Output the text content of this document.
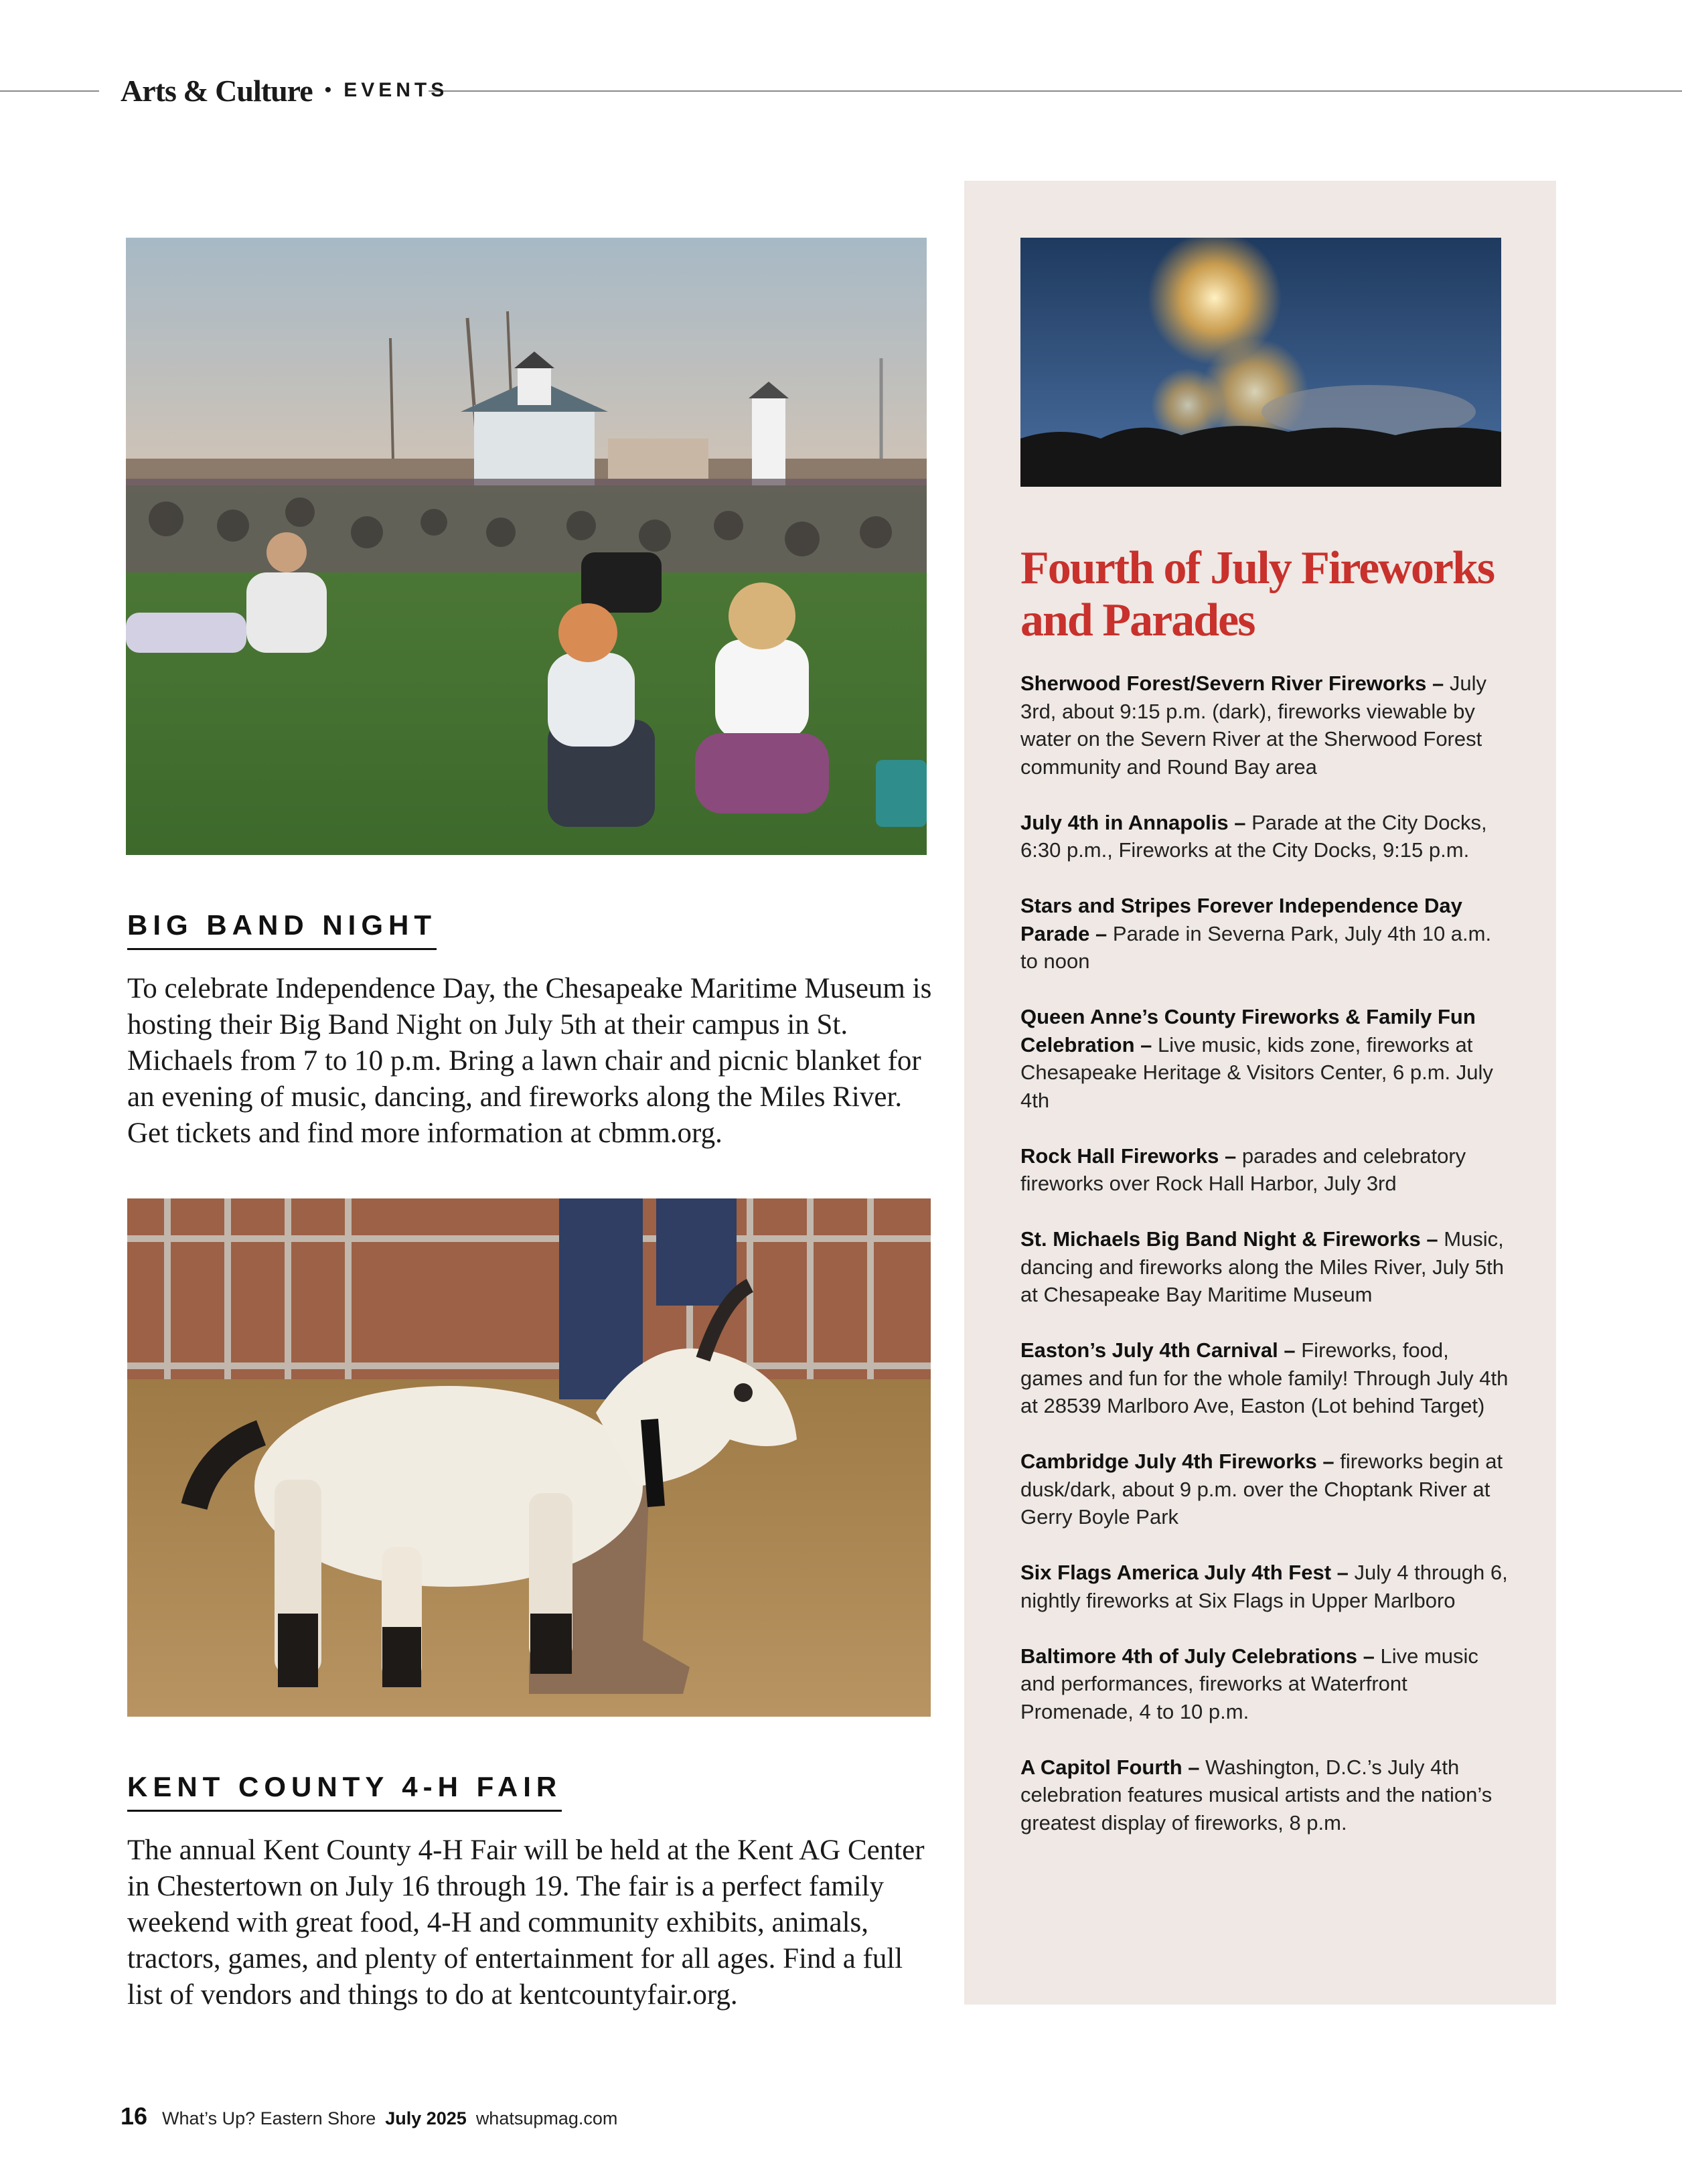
Arts & Culture • EVENTS
BIG BAND NIGHT

To celebrate Independence Day, the Chesapeake Maritime Museum is hosting their Big Band Night on July 5th at their campus in St. Michaels from 7 to 10 p.m. Bring a lawn chair and picnic blanket for an evening of music, dancing, and fireworks along the Miles River. Get tickets and find more information at cbmm.org.

KENT COUNTY 4-H FAIR

The annual Kent County 4-H Fair will be held at the Kent AG Center in Chestertown on July 16 through 19. The fair is a perfect family weekend with great food, 4-H and community exhibits, animals, tractors, games, and plenty of entertainment for all ages. Find a full list of vendors and things to do at kentcountyfair.org.

Fourth of July Fireworks and Parades

Sherwood Forest/Severn River Fireworks – July 3rd, about 9:15 p.m. (dark), fireworks viewable by water on the Severn River at the Sherwood Forest community and Round Bay area

July 4th in Annapolis – Parade at the City Docks, 6:30 p.m., Fireworks at the City Docks, 9:15 p.m.

Stars and Stripes Forever Independence Day Parade – Parade in Severna Park, July 4th 10 a.m. to noon

Queen Anne’s County Fireworks & Family Fun Celebration – Live music, kids zone, fireworks at Chesapeake Heritage & Visitors Center, 6 p.m. July 4th

Rock Hall Fireworks – parades and celebratory fireworks over Rock Hall Harbor, July 3rd

St. Michaels Big Band Night & Fireworks – Music, dancing and fireworks along the Miles River, July 5th at Chesapeake Bay Maritime Museum

Easton’s July 4th Carnival – Fireworks, food, games and fun for the whole family! Through July 4th at 28539 Marlboro Ave, Easton (Lot behind Target)

Cambridge July 4th Fireworks – fireworks begin at dusk/dark, about 9 p.m. over the Choptank River at Gerry Boyle Park

Six Flags America July 4th Fest – July 4 through 6, nightly fireworks at Six Flags in Upper Marlboro

Baltimore 4th of July Celebrations – Live music and performances, fireworks at Waterfront Promenade, 4 to 10 p.m.

A Capitol Fourth – Washington, D.C.’s July 4th celebration features musical artists and the nation’s greatest display of fireworks, 8 p.m.

16 What’s Up? Eastern Shore July 2025 whatsupmag.com
